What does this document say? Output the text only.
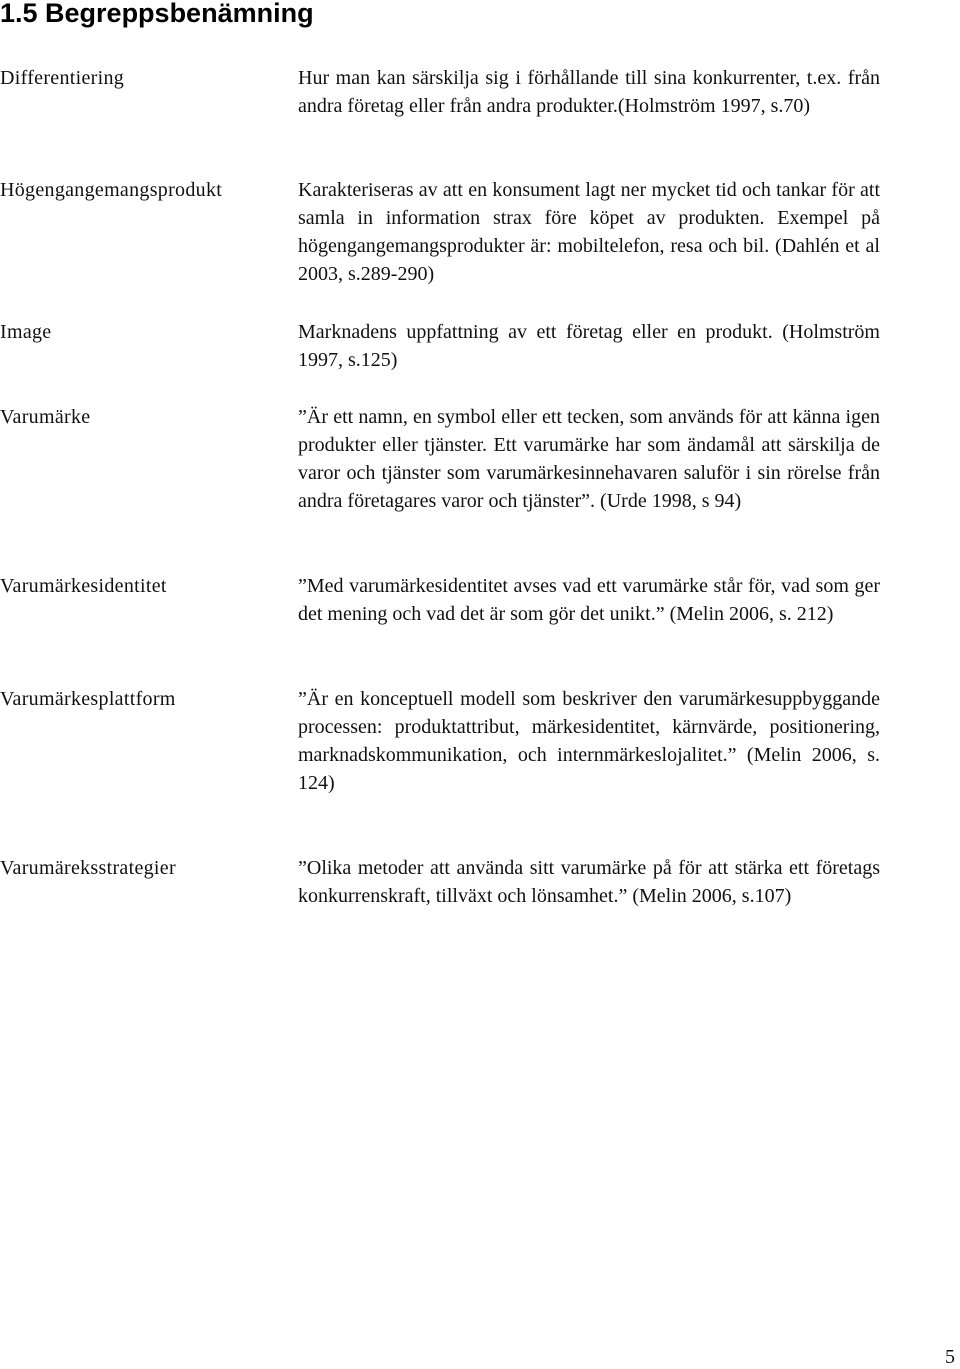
1.5 Begreppsbenämning
Differentiering	Hur man kan särskilja sig i förhållande till sina konkurrenter, t.ex. från andra företag eller från andra produkter.(Holmström 1997, s.70)
Högengangemangsprodukt	Karakteriseras av att en konsument lagt ner mycket tid och tankar för att samla in information strax före köpet av produkten. Exempel på högengangemangsprodukter är: mobiltelefon, resa och bil. (Dahlén et al 2003, s.289-290)
Image	Marknadens uppfattning av ett företag eller en produkt. (Holmström 1997, s.125)
Varumärke	”Är ett namn, en symbol eller ett tecken, som används för att känna igen produkter eller tjänster. Ett varumärke har som ändamål att särskilja de varor och tjänster som varumärkesinnehavaren saluför i sin rörelse från andra företagares varor och tjänster”. (Urde 1998, s 94)
Varumärkesidentitet	”Med varumärkesidentitet avses vad ett varumärke står för, vad som ger det mening och vad det är som gör det unikt.” (Melin 2006, s. 212)
Varumärkesplattform	”Är en konceptuell modell som beskriver den varumärkesuppbyggande processen: produktattribut, märkesidentitet, kärnvärde, positionering, marknadskommunikation, och internmärkeslojalitet.” (Melin 2006, s. 124)
Varumäreksstrategier	”Olika metoder att använda sitt varumärke på för att stärka ett företags konkurrenskraft, tillväxt och lönsamhet.” (Melin 2006, s.107)
5
